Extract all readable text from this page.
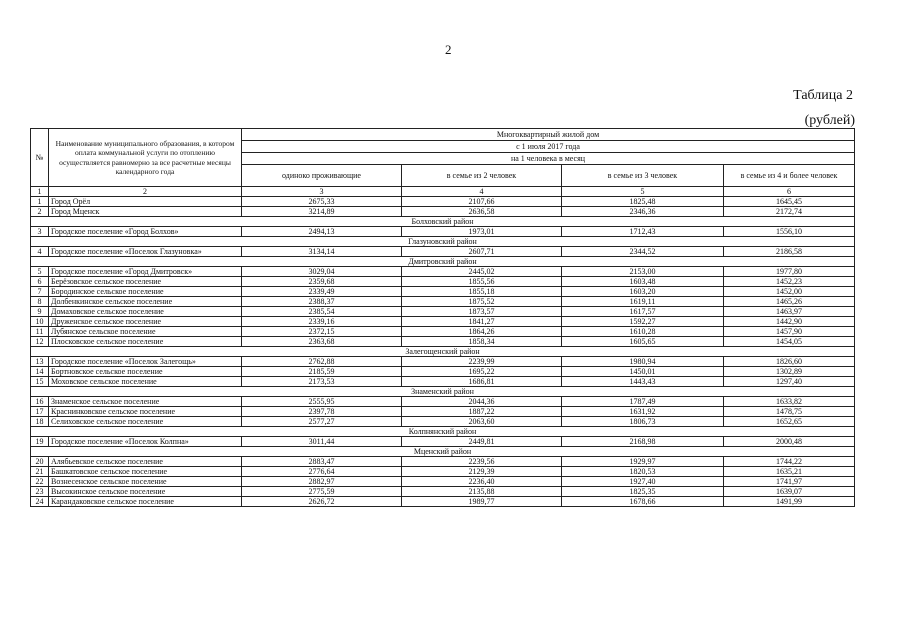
2
Таблица 2
(рублей)
№	Наименование муниципального образования, в котором оплата коммунальной услуги по отоплению осуществляется равномерно за все расчетные месяцы календарного года	Многоквартирный жилой дом			
		с 1 июля 2017 года			
		на 1 человека в месяц			
		одиноко проживающие	в семье из 2 человек	в семье из 3 человек	в семье из 4 и более человек
1	2	3	4	5	6
1	Город Орёл	2675,33	2107,66	1825,48	1645,45
2	Город Мценск	3214,89	2636,58	2346,36	2172,74
Болховский район					
3	Городское поселение «Город Болхов»	2494,13	1973,01	1712,43	1556,10
Глазуновский район					
4	Городское поселение «Поселок Глазуновка»	3134,14	2607,71	2344,52	2186,58
Дмитровский район					
5	Городское поселение «Город Дмитровск»	3029,04	2445,02	2153,00	1977,80
6	Берёзовское сельское поселение	2359,68	1855,56	1603,48	1452,23
7	Бородинское сельское поселение	2339,49	1855,18	1603,20	1452,00
8	Долбенкинское сельское поселение	2388,37	1875,52	1619,11	1465,26
9	Домаховское сельское поселение	2385,54	1873,57	1617,57	1463,97
10	Друженское сельское поселение	2339,16	1841,27	1592,27	1442,90
11	Лубянское сельское поселение	2372,15	1864,26	1610,28	1457,90
12	Плосковское сельское поселение	2363,68	1858,34	1605,65	1454,05
Залегощенский район					
13	Городское поселение «Поселок Залегощь»	2762,88	2239,99	1980,94	1826,60
14	Бортновское сельское поселение	2185,59	1695,22	1450,01	1302,89
15	Моховское сельское поселение	2173,53	1686,81	1443,43	1297,40
Знаменский район					
16	Знаменское сельское поселение	2555,95	2044,36	1787,49	1633,82
17	Краснинковское сельское поселение	2397,78	1887,22	1631,92	1478,75
18	Селиховское сельское поселение	2577,27	2063,60	1806,73	1652,65
Колпнянский район					
19	Городское поселение «Поселок Колпна»	3011,44	2449,81	2168,98	2000,48
Мценский район					
20	Алябьевское сельское поселение	2883,47	2239,56	1929,97	1744,22
21	Башкатовское сельское поселение	2776,64	2129,39	1820,53	1635,21
22	Вознесенское сельское поселение	2882,97	2236,40	1927,40	1741,97
23	Высокинское сельское поселение	2775,59	2135,88	1825,35	1639,07
24	Карандаковское сельское поселение	2626,72	1989,77	1678,66	1491,99
